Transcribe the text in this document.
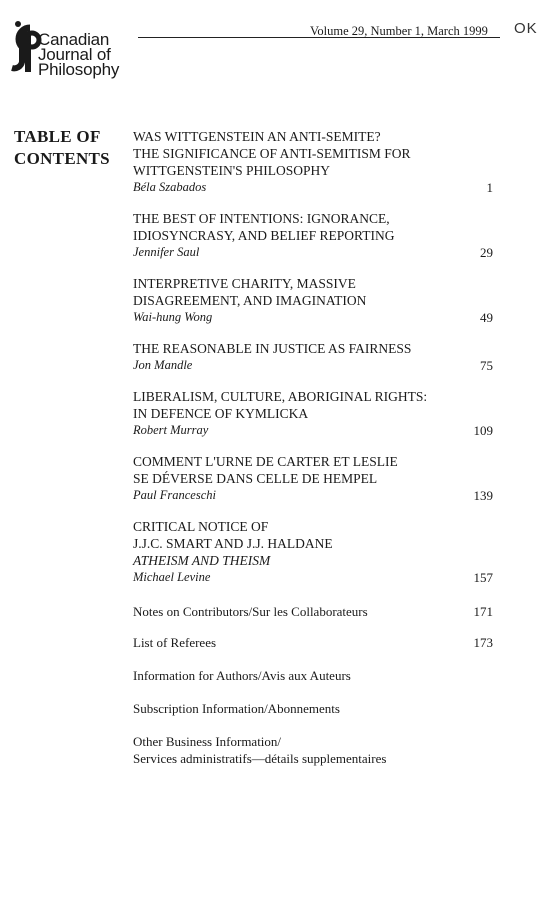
Canadian
Journal of
Philosophy
Volume 29, Number 1, March 1999 OK
TABLE OF
CONTENTS
WAS WITTGENSTEIN AN ANTI-SEMITE?
THE SIGNIFICANCE OF ANTI-SEMITISM FOR
WITTGENSTEIN'S PHILOSOPHY
Béla Szabados	1
THE BEST OF INTENTIONS: IGNORANCE,
IDIOSYNCRASY, AND BELIEF REPORTING
Jennifer Saul	29
INTERPRETIVE CHARITY, MASSIVE
DISAGREEMENT, AND IMAGINATION
Wai-hung Wong	49
THE REASONABLE IN JUSTICE AS FAIRNESS
Jon Mandle	75
LIBERALISM, CULTURE, ABORIGINAL RIGHTS:
IN DEFENCE OF KYMLICKA
Robert Murray	109
COMMENT L'URNE DE CARTER ET LESLIE
SE DÉVERSE DANS CELLE DE HEMPEL
Paul Franceschi	139
CRITICAL NOTICE OF
J.J.C. SMART AND J.J. HALDANE
ATHEISM AND THEISM
Michael Levine	157
Notes on Contributors/Sur les Collaborateurs	171
List of Referees	173
Information for Authors/Avis aux Auteurs
Subscription Information/Abonnements
Other Business Information/
Services administratifs—détails supplementaires
